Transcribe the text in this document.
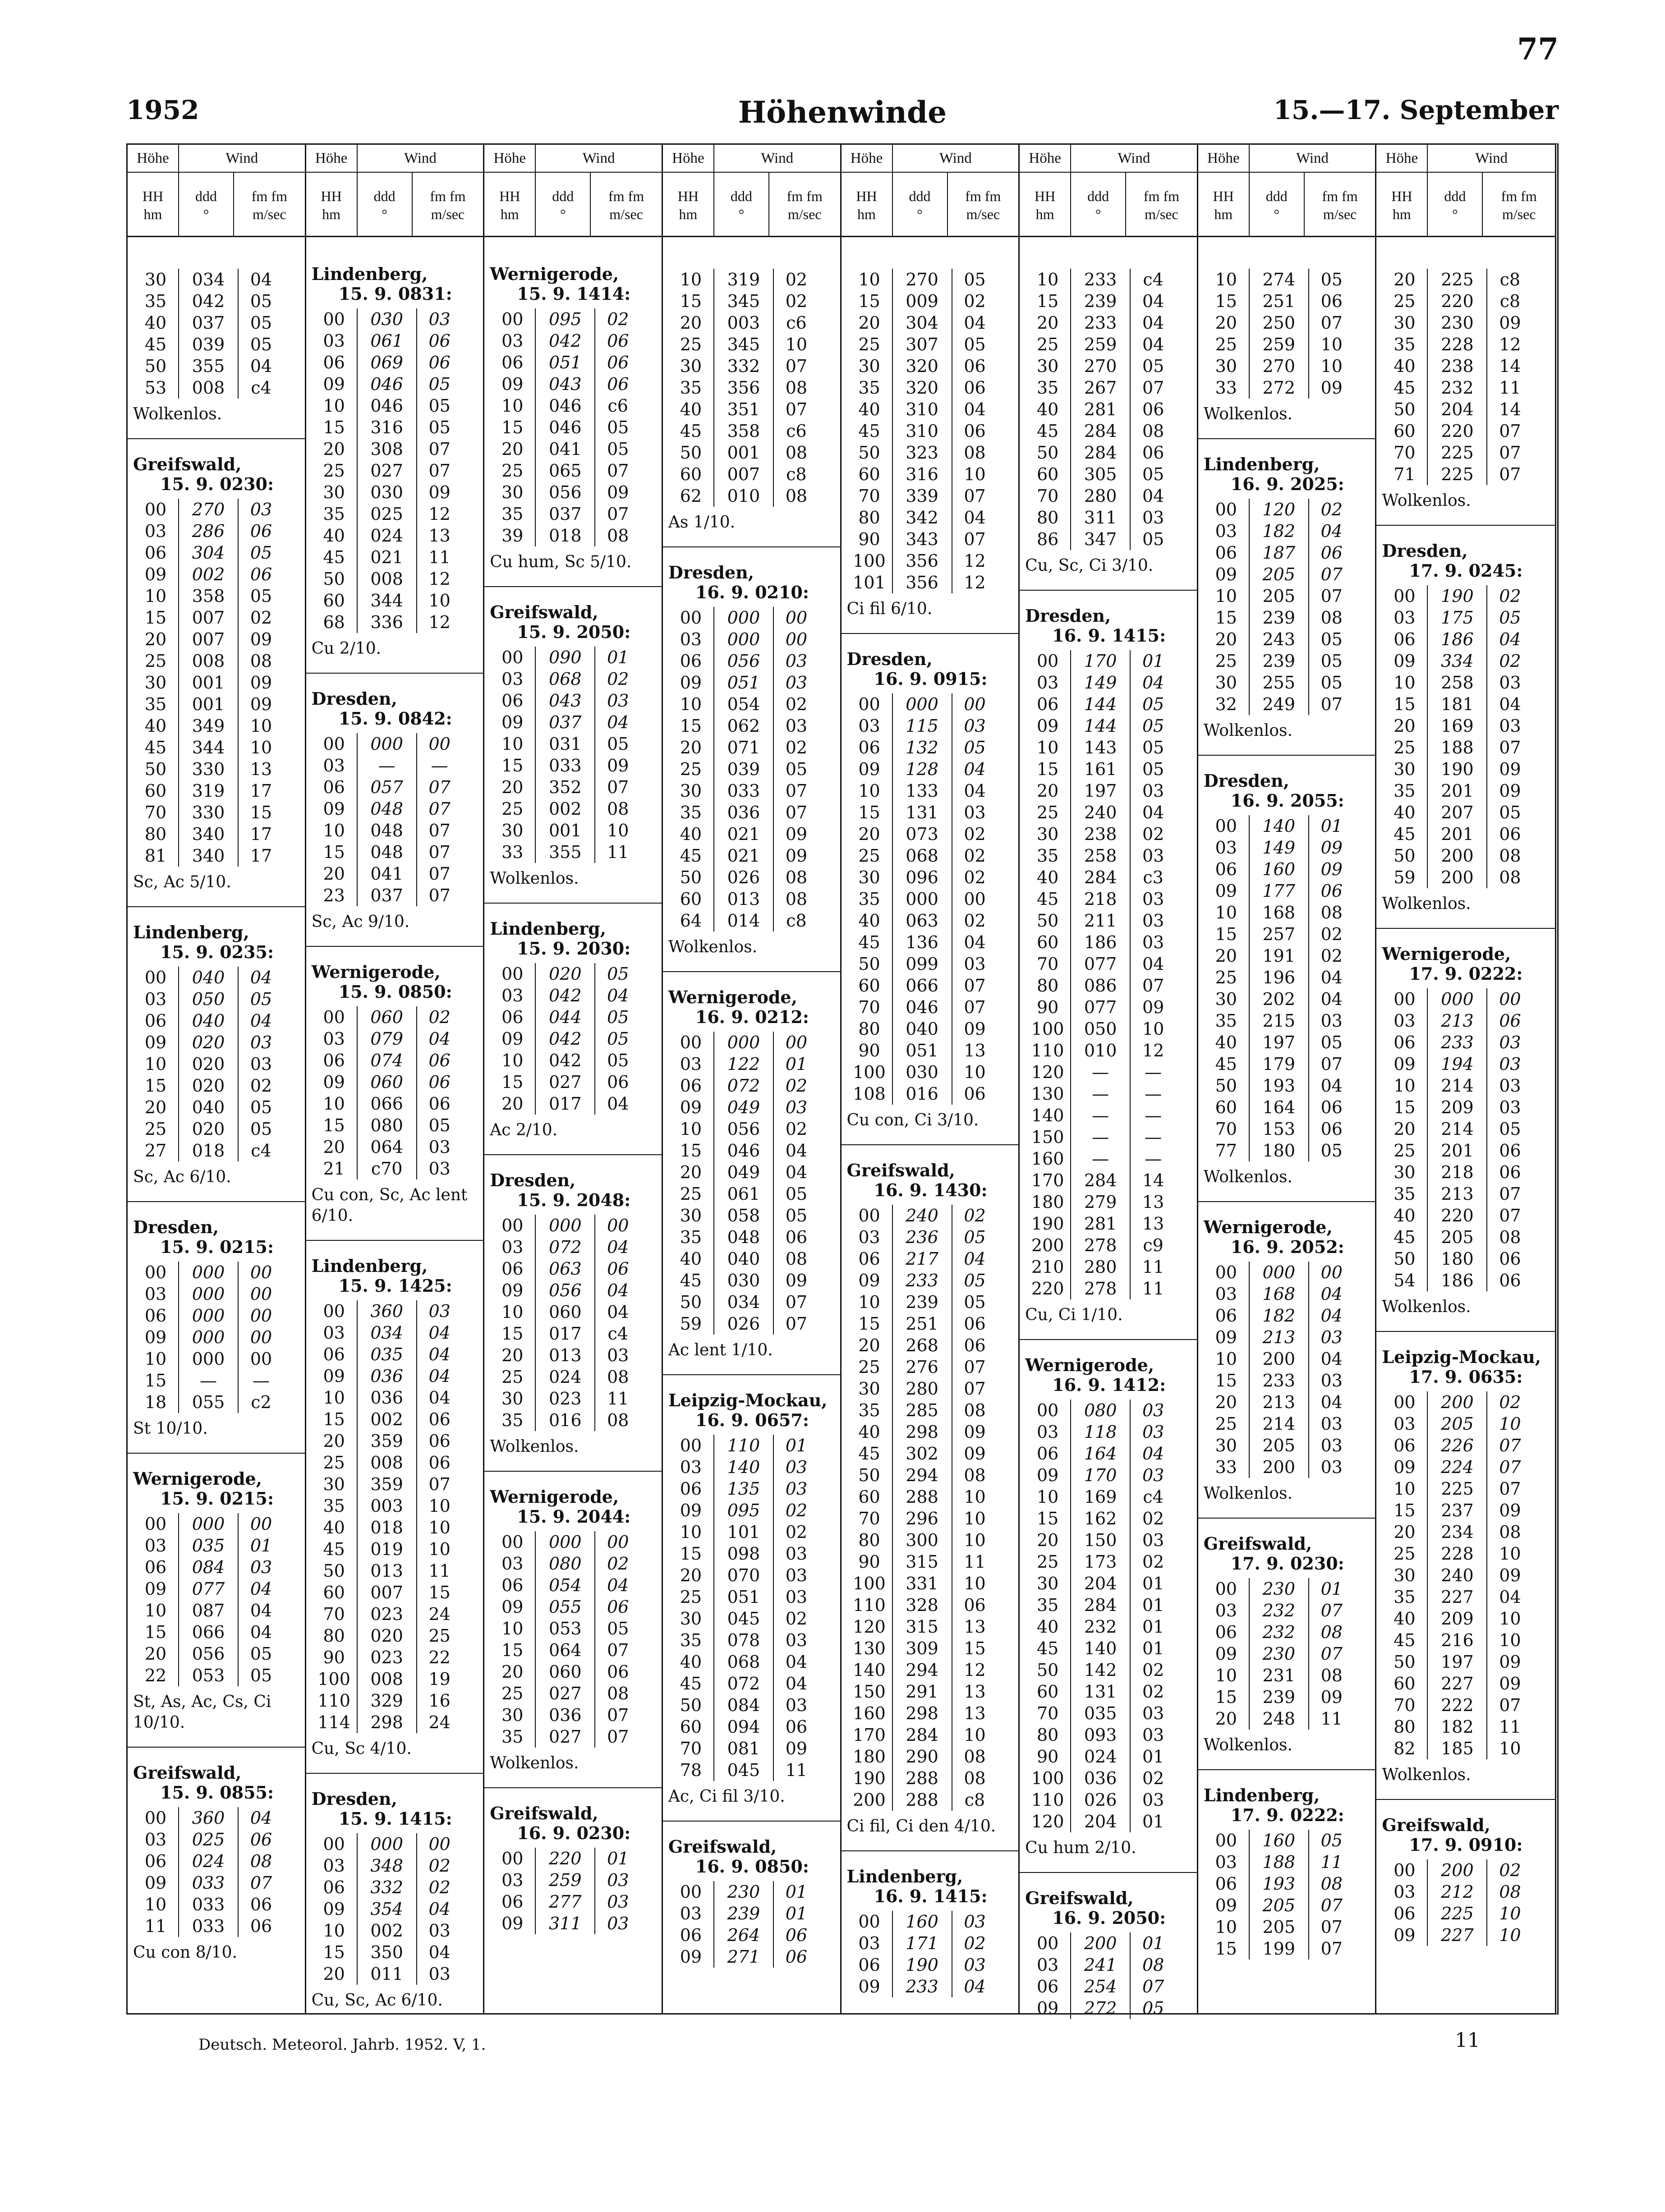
77
1952	Höhenwinde	15.—17. September
Höhe	Wind
HH
hm
ddd
°
fm fm
m/sec
30	034	04
35	042	05
40	037	05
45	039	05
50	355	04
53	008	c4
Wolkenlos.
Greifswald,
15. 9. 0230:
00	270	03
03	286	06
06	304	05
09	002	06
10	358	05
15	007	02
20	007	09
25	008	08
30	001	09
35	001	09
40	349	10
45	344	10
50	330	13
60	319	17
70	330	15
80	340	17
81	340	17
Sc, Ac 5/10.
Lindenberg,
15. 9. 0235:
00	040	04
03	050	05
06	040	04
09	020	03
10	020	03
15	020	02
20	040	05
25	020	05
27	018	c4
Sc, Ac 6/10.
Dresden,
15. 9. 0215:
00	000	00
03	000	00
06	000	00
09	000	00
10	000	00
15	—	—
18	055	c2
St 10/10.
Wernigerode,
15. 9. 0215:
00	000	00
03	035	01
06	084	03
09	077	04
10	087	04
15	066	04
20	056	05
22	053	05
St, As, Ac, Cs, Ci 10/10.
Greifswald,
15. 9. 0855:
00	360	04
03	025	06
06	024	08
09	033	07
10	033	06
11	033	06
Cu con 8/10.
Höhe	Wind
HH
hm
ddd
°
fm fm
m/sec
Lindenberg,
15. 9. 0831:
00	030	03
03	061	06
06	069	06
09	046	05
10	046	05
15	316	05
20	308	07
25	027	07
30	030	09
35	025	12
40	024	13
45	021	11
50	008	12
60	344	10
68	336	12
Cu 2/10.
Dresden,
15. 9. 0842:
00	000	00
03	—	—
06	057	07
09	048	07
10	048	07
15	048	07
20	041	07
23	037	07
Sc, Ac 9/10.
Wernigerode,
15. 9. 0850:
00	060	02
03	079	04
06	074	06
09	060	06
10	066	06
15	080	05
20	064	03
21	c70	03
Cu con, Sc, Ac lent 6/10.
Lindenberg,
15. 9. 1425:
00	360	03
03	034	04
06	035	04
09	036	04
10	036	04
15	002	06
20	359	06
25	008	06
30	359	07
35	003	10
40	018	10
45	019	10
50	013	11
60	007	15
70	023	24
80	020	25
90	023	22
100	008	19
110	329	16
114	298	24
Cu, Sc 4/10.
Dresden,
15. 9. 1415:
00	000	00
03	348	02
06	332	02
09	354	04
10	002	03
15	350	04
20	011	03
Cu, Sc, Ac 6/10.
Höhe	Wind
HH
hm
ddd
°
fm fm
m/sec
Wernigerode,
15. 9. 1414:
00	095	02
03	042	06
06	051	06
09	043	06
10	046	c6
15	046	05
20	041	05
25	065	07
30	056	09
35	037	07
39	018	08
Cu hum, Sc 5/10.
Greifswald,
15. 9. 2050:
00	090	01
03	068	02
06	043	03
09	037	04
10	031	05
15	033	09
20	352	07
25	002	08
30	001	10
33	355	11
Wolkenlos.
Lindenberg,
15. 9. 2030:
00	020	05
03	042	04
06	044	05
09	042	05
10	042	05
15	027	06
20	017	04
Ac 2/10.
Dresden,
15. 9. 2048:
00	000	00
03	072	04
06	063	06
09	056	04
10	060	04
15	017	c4
20	013	03
25	024	08
30	023	11
35	016	08
Wolkenlos.
Wernigerode,
15. 9. 2044:
00	000	00
03	080	02
06	054	04
09	055	06
10	053	05
15	064	07
20	060	06
25	027	08
30	036	07
35	027	07
Wolkenlos.
Greifswald,
16. 9. 0230:
00	220	01
03	259	03
06	277	03
09	311	03
Höhe	Wind
HH
hm
ddd
°
fm fm
m/sec
10	319	02
15	345	02
20	003	c6
25	345	10
30	332	07
35	356	08
40	351	07
45	358	c6
50	001	08
60	007	c8
62	010	08
As 1/10.
Dresden,
16. 9. 0210:
00	000	00
03	000	00
06	056	03
09	051	03
10	054	02
15	062	03
20	071	02
25	039	05
30	033	07
35	036	07
40	021	09
45	021	09
50	026	08
60	013	08
64	014	c8
Wolkenlos.
Wernigerode,
16. 9. 0212:
00	000	00
03	122	01
06	072	02
09	049	03
10	056	02
15	046	04
20	049	04
25	061	05
30	058	05
35	048	06
40	040	08
45	030	09
50	034	07
59	026	07
Ac lent 1/10.
Leipzig-Mockau,
16. 9. 0657:
00	110	01
03	140	03
06	135	03
09	095	02
10	101	02
15	098	03
20	070	03
25	051	03
30	045	02
35	078	03
40	068	04
45	072	04
50	084	03
60	094	06
70	081	09
78	045	11
Ac, Ci fil 3/10.
Greifswald,
16. 9. 0850:
00	230	01
03	239	01
06	264	06
09	271	06
Höhe	Wind
HH
hm
ddd
°
fm fm
m/sec
10	270	05
15	009	02
20	304	04
25	307	05
30	320	06
35	320	06
40	310	04
45	310	06
50	323	08
60	316	10
70	339	07
80	342	04
90	343	07
100	356	12
101	356	12
Ci fil 6/10.
Dresden,
16. 9. 0915:
00	000	00
03	115	03
06	132	05
09	128	04
10	133	04
15	131	03
20	073	02
25	068	02
30	096	02
35	000	00
40	063	02
45	136	04
50	099	03
60	066	07
70	046	07
80	040	09
90	051	13
100	030	10
108	016	06
Cu con, Ci 3/10.
Greifswald,
16. 9. 1430:
00	240	02
03	236	05
06	217	04
09	233	05
10	239	05
15	251	06
20	268	06
25	276	07
30	280	07
35	285	08
40	298	09
45	302	09
50	294	08
60	288	10
70	296	10
80	300	10
90	315	11
100	331	10
110	328	06
120	315	13
130	309	15
140	294	12
150	291	13
160	298	13
170	284	10
180	290	08
190	288	08
200	288	c8
Ci fil, Ci den 4/10.
Lindenberg,
16. 9. 1415:
00	160	03
03	171	02
06	190	03
09	233	04
Höhe	Wind
HH
hm
ddd
°
fm fm
m/sec
10	233	c4
15	239	04
20	233	04
25	259	04
30	270	05
35	267	07
40	281	06
45	284	08
50	284	06
60	305	05
70	280	04
80	311	03
86	347	05
Cu, Sc, Ci 3/10.
Dresden,
16. 9. 1415:
00	170	01
03	149	04
06	144	05
09	144	05
10	143	05
15	161	05
20	197	03
25	240	04
30	238	02
35	258	03
40	284	c3
45	218	03
50	211	03
60	186	03
70	077	04
80	086	07
90	077	09
100	050	10
110	010	12
120	—	—
130	—	—
140	—	—
150	—	—
160	—	—
170	284	14
180	279	13
190	281	13
200	278	c9
210	280	11
220	278	11
Cu, Ci 1/10.
Wernigerode,
16. 9. 1412:
00	080	03
03	118	03
06	164	04
09	170	03
10	169	c4
15	162	02
20	150	03
25	173	02
30	204	01
35	284	01
40	232	01
45	140	01
50	142	02
60	131	02
70	035	03
80	093	03
90	024	01
100	036	02
110	026	03
120	204	01
Cu hum 2/10.
Greifswald,
16. 9. 2050:
00	200	01
03	241	08
06	254	07
09	272	05
Höhe	Wind
HH
hm
ddd
°
fm fm
m/sec
10	274	05
15	251	06
20	250	07
25	259	10
30	270	10
33	272	09
Wolkenlos.
Lindenberg,
16. 9. 2025:
00	120	02
03	182	04
06	187	06
09	205	07
10	205	07
15	239	08
20	243	05
25	239	05
30	255	05
32	249	07
Wolkenlos.
Dresden,
16. 9. 2055:
00	140	01
03	149	09
06	160	09
09	177	06
10	168	08
15	257	02
20	191	02
25	196	04
30	202	04
35	215	03
40	197	05
45	179	07
50	193	04
60	164	06
70	153	06
77	180	05
Wolkenlos.
Wernigerode,
16. 9. 2052:
00	000	00
03	168	04
06	182	04
09	213	03
10	200	04
15	233	03
20	213	04
25	214	03
30	205	03
33	200	03
Wolkenlos.
Greifswald,
17. 9. 0230:
00	230	01
03	232	07
06	232	08
09	230	07
10	231	08
15	239	09
20	248	11
Wolkenlos.
Lindenberg,
17. 9. 0222:
00	160	05
03	188	11
06	193	08
09	205	07
10	205	07
15	199	07
Höhe	Wind
HH
hm
ddd
°
fm fm
m/sec
20	225	c8
25	220	c8
30	230	09
35	228	12
40	238	14
45	232	11
50	204	14
60	220	07
70	225	07
71	225	07
Wolkenlos.
Dresden,
17. 9. 0245:
00	190	02
03	175	05
06	186	04
09	334	02
10	258	03
15	181	04
20	169	03
25	188	07
30	190	09
35	201	09
40	207	05
45	201	06
50	200	08
59	200	08
Wolkenlos.
Wernigerode,
17. 9. 0222:
00	000	00
03	213	06
06	233	03
09	194	03
10	214	03
15	209	03
20	214	05
25	201	06
30	218	06
35	213	07
40	220	07
45	205	08
50	180	06
54	186	06
Wolkenlos.
Leipzig-Mockau,
17. 9. 0635:
00	200	02
03	205	10
06	226	07
09	224	07
10	225	07
15	237	09
20	234	08
25	228	10
30	240	09
35	227	04
40	209	10
45	216	10
50	197	09
60	227	09
70	222	07
80	182	11
82	185	10
Wolkenlos.
Greifswald,
17. 9. 0910:
00	200	02
03	212	08
06	225	10
09	227	10
Deutsch. Meteorol. Jahrb. 1952. V, 1.	11
